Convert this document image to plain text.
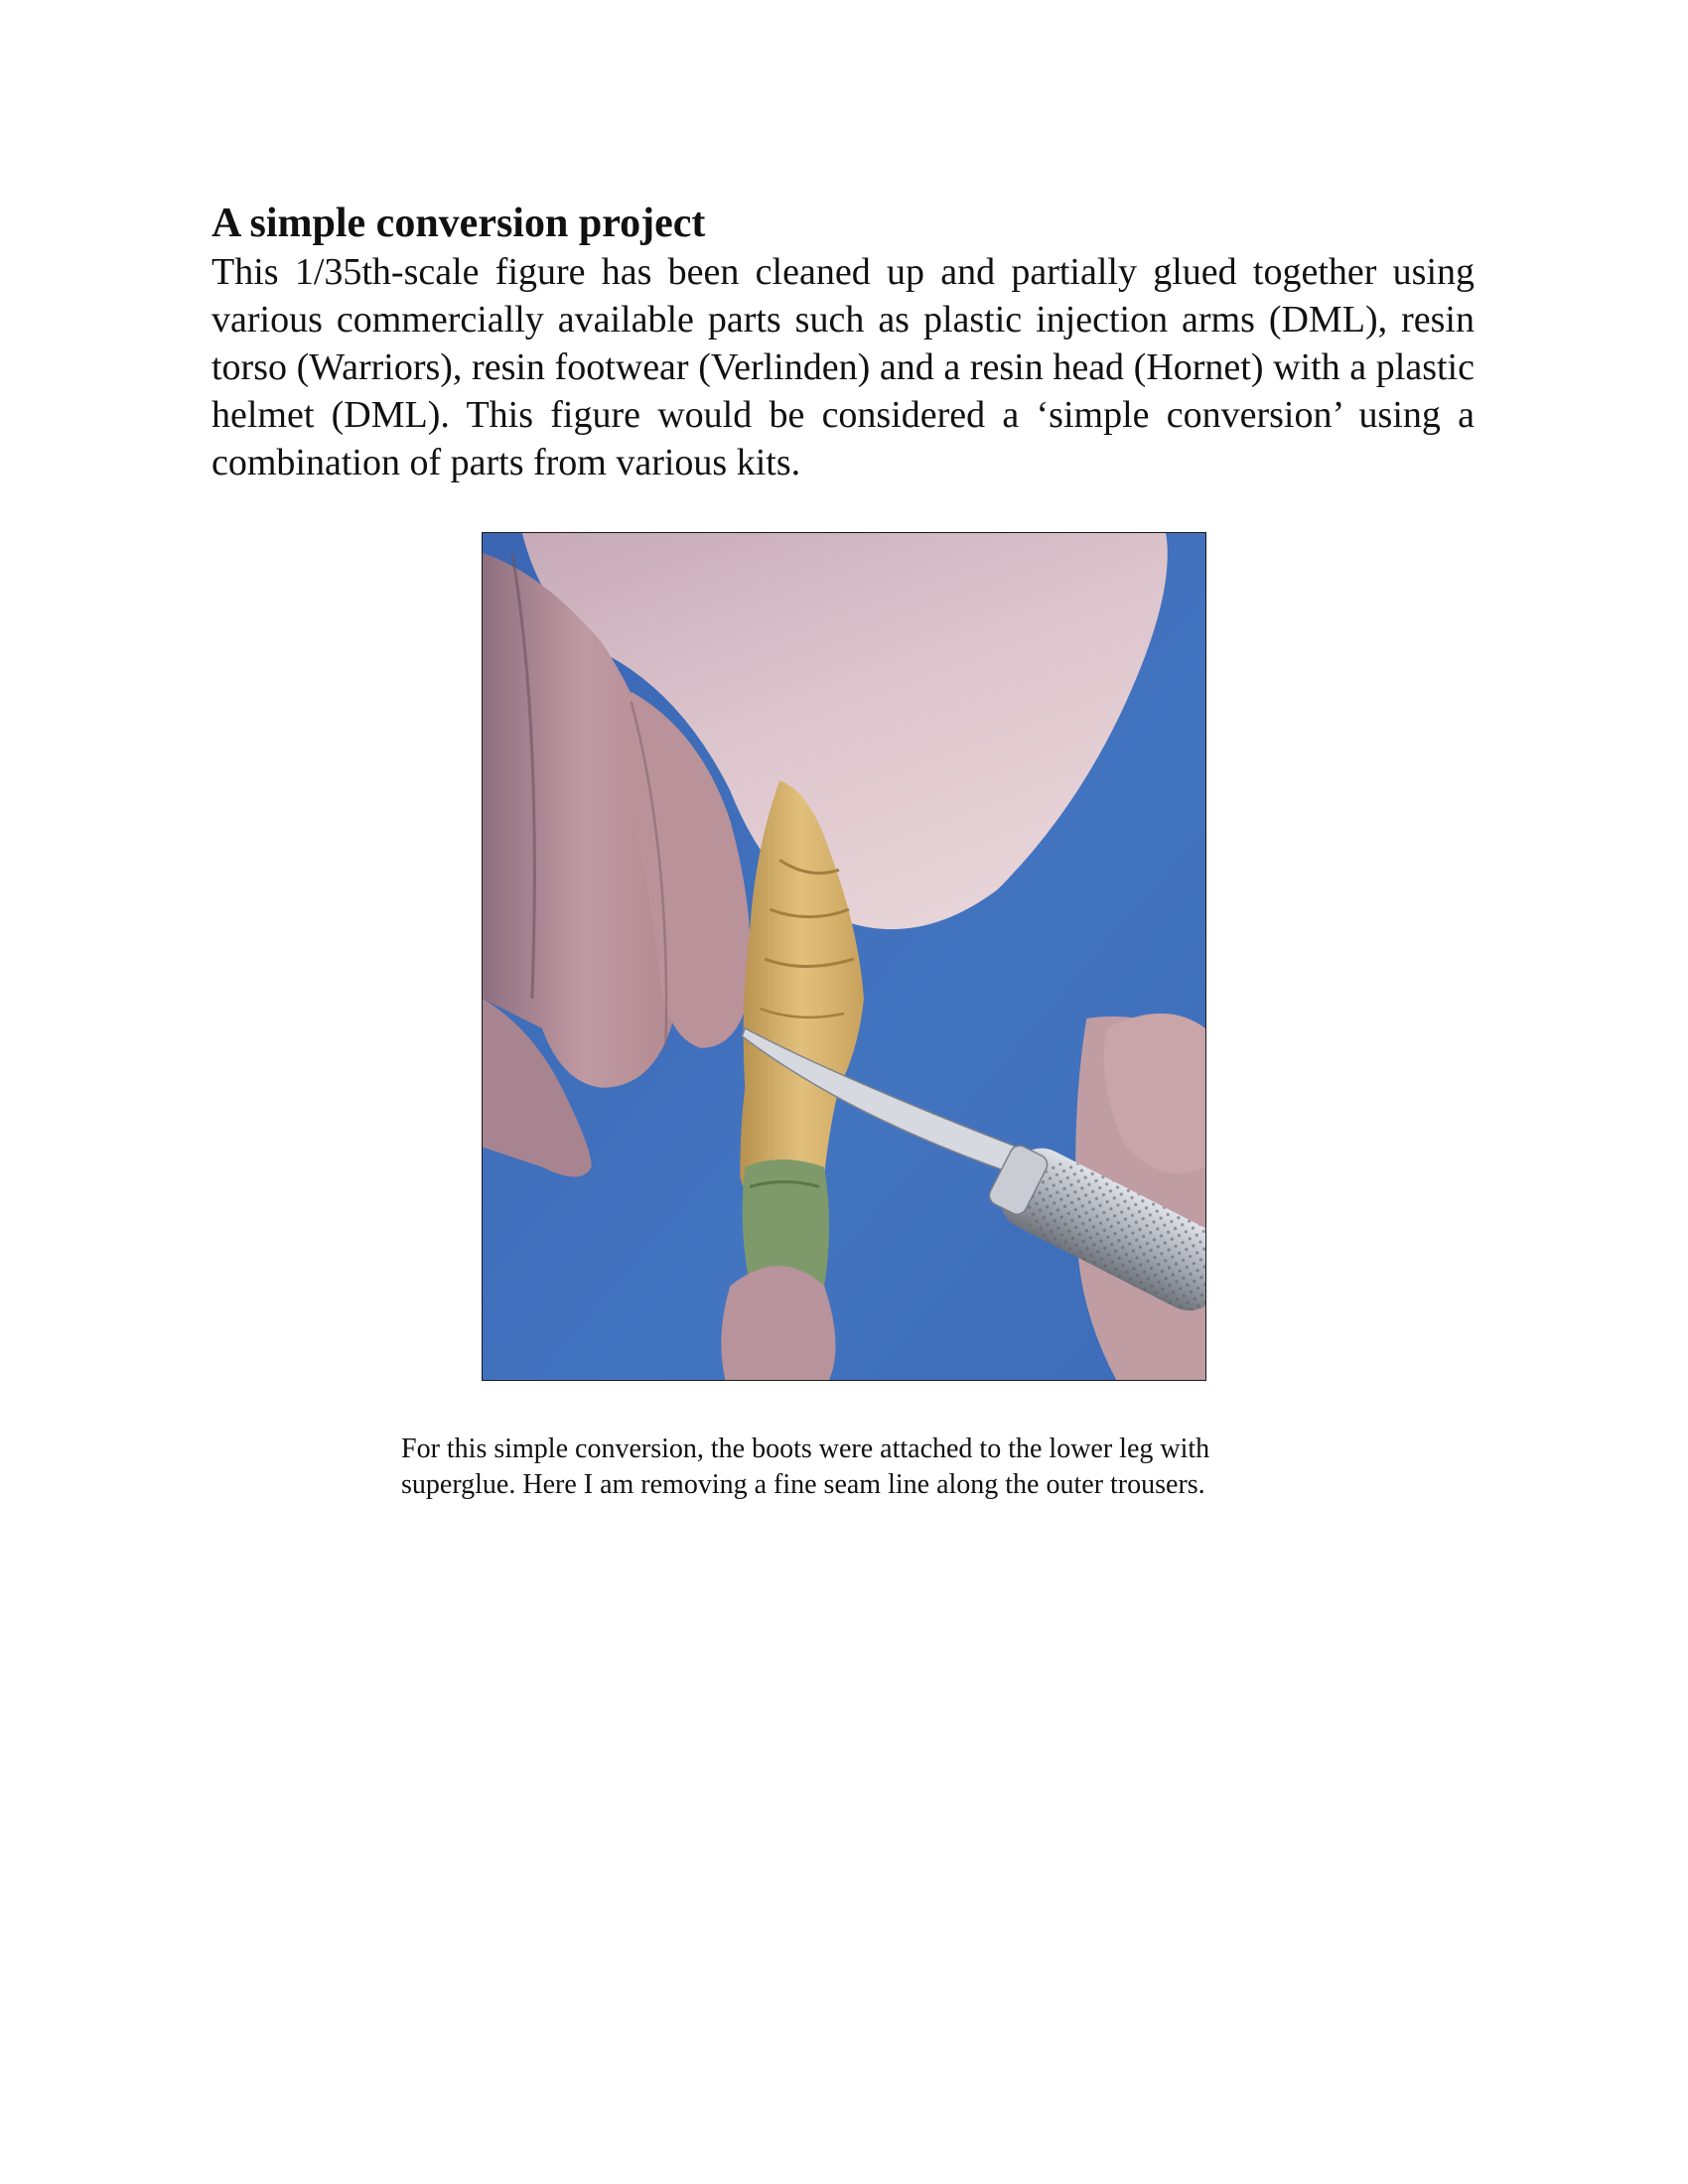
A simple conversion project

This 1/35th-scale figure has been cleaned up and partially glued together using various commercially available parts such as plastic injection arms (DML), resin torso (Warriors), resin footwear (Verlinden) and a resin head (Hornet) with a plastic helmet (DML). This figure would be considered a ‘simple conversion’ using a combination of parts from various kits.

For this simple conversion, the boots were attached to the lower leg with superglue. Here I am removing a fine seam line along the outer trousers.
